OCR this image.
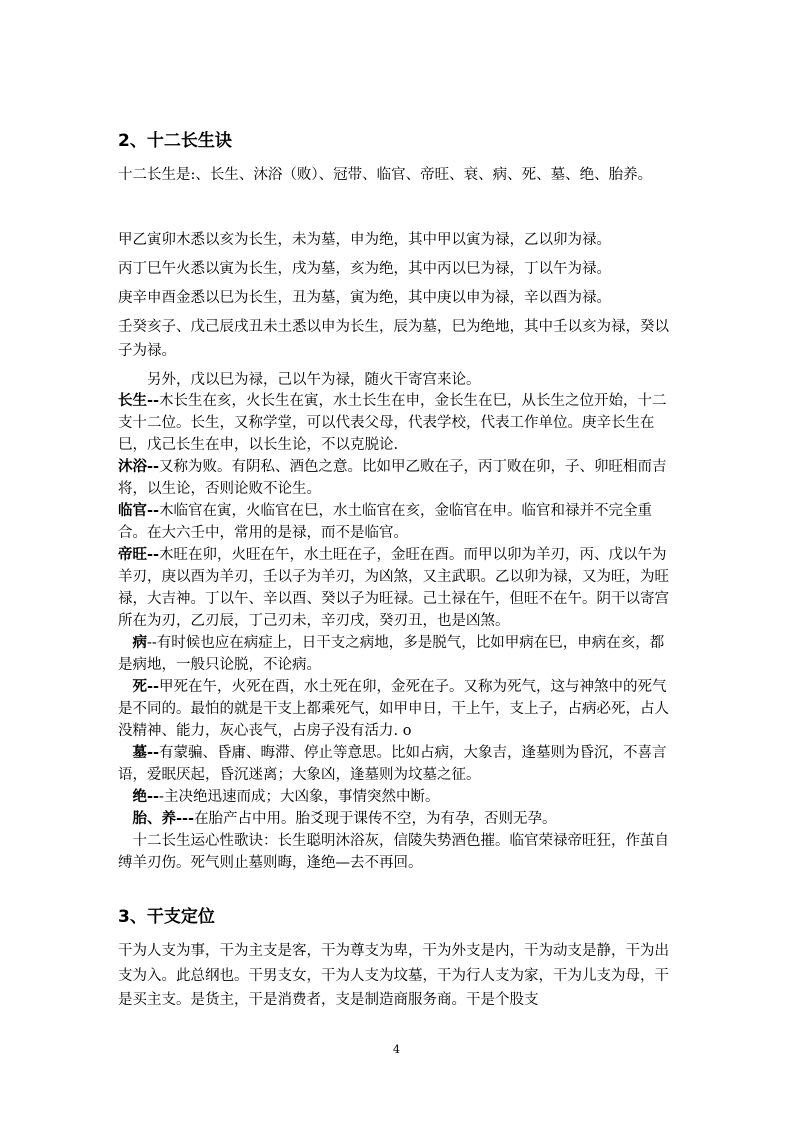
2、十二长生诀

十二长生是:、长生、沐浴（败）、冠带、临官、帝旺、衰、病、死、墓、绝、胎养。

甲乙寅卯木悉以亥为长生，未为墓，申为绝，其中甲以寅为禄，乙以卯为禄。

丙丁巳午火悉以寅为长生，戌为墓，亥为绝，其中丙以巳为禄，丁以午为禄。

庚辛申酉金悉以巳为长生，丑为墓，寅为绝，其中庚以申为禄，辛以酉为禄。

壬癸亥子、戊己辰戌丑未土悉以申为长生，辰为墓，巳为绝地，其中壬以亥为禄，癸以子为禄。

另外，戊以巳为禄，己以午为禄，随火干寄宫来论。

长生--木长生在亥，火长生在寅，水土长生在申，金长生在巳，从长生之位开始，十二支十二位。长生，又称学堂，可以代表父母，代表学校，代表工作单位。庚辛长生在巳，戊己长生在申，以长生论，不以克脱论.

沐浴--又称为败。有阴私、酒色之意。比如甲乙败在子，丙丁败在卯，子、卯旺相而吉将，以生论，否则论败不论生。

临官--木临官在寅，火临官在巳，水土临官在亥，金临官在申。临官和禄并不完全重合。在大六壬中，常用的是禄，而不是临官。

帝旺--木旺在卯，火旺在午，水土旺在子，金旺在酉。而甲以卯为羊刃，丙、戊以午为羊刃，庚以酉为羊刃，壬以子为羊刃，为凶煞，又主武职。乙以卯为禄，又为旺，为旺禄，大吉神。丁以午、辛以酉、癸以子为旺禄。己土禄在午，但旺不在午。阴干以寄宫所在为刃，乙刃辰，丁己刃未，辛刃戌，癸刃丑，也是凶煞。

病--有时候也应在病症上，日干支之病地，多是脱气，比如甲病在巳，申病在亥，都是病地，一般只论脱，不论病。

死--甲死在午，火死在酉，水土死在卯，金死在子。又称为死气，这与神煞中的死气是不同的。最怕的就是干支上都乘死气，如甲申日，干上午，支上子，占病必死，占人没精神、能力，灰心丧气，占房子没有活力. o

墓--有蒙骗、昏庸、晦滞、停止等意思。比如占病，大象吉，逢墓则为昏沉，不喜言语，爱眠厌起，昏沉迷离；大象凶，逢墓则为坟墓之征。

绝---主决绝迅速而成；大凶象，事情突然中断。

胎、养---在胎产占中用。胎爻现于课传不空，为有孕，否则无孕。

十二长生运心性歌诀：长生聪明沐浴灰，信陵失势酒色摧。临官荣禄帝旺狂，作茧自缚羊刃伤。死气则止墓则晦，逢绝—去不再回。

3、干支定位

干为人支为事，干为主支是客，干为尊支为卑，干为外支是内，干为动支是静，干为出支为入。此总纲也。干男支女，干为人支为坟墓，干为行人支为家，干为儿支为母，干是买主支。是货主，干是消费者，支是制造商服务商。干是个股支

4
